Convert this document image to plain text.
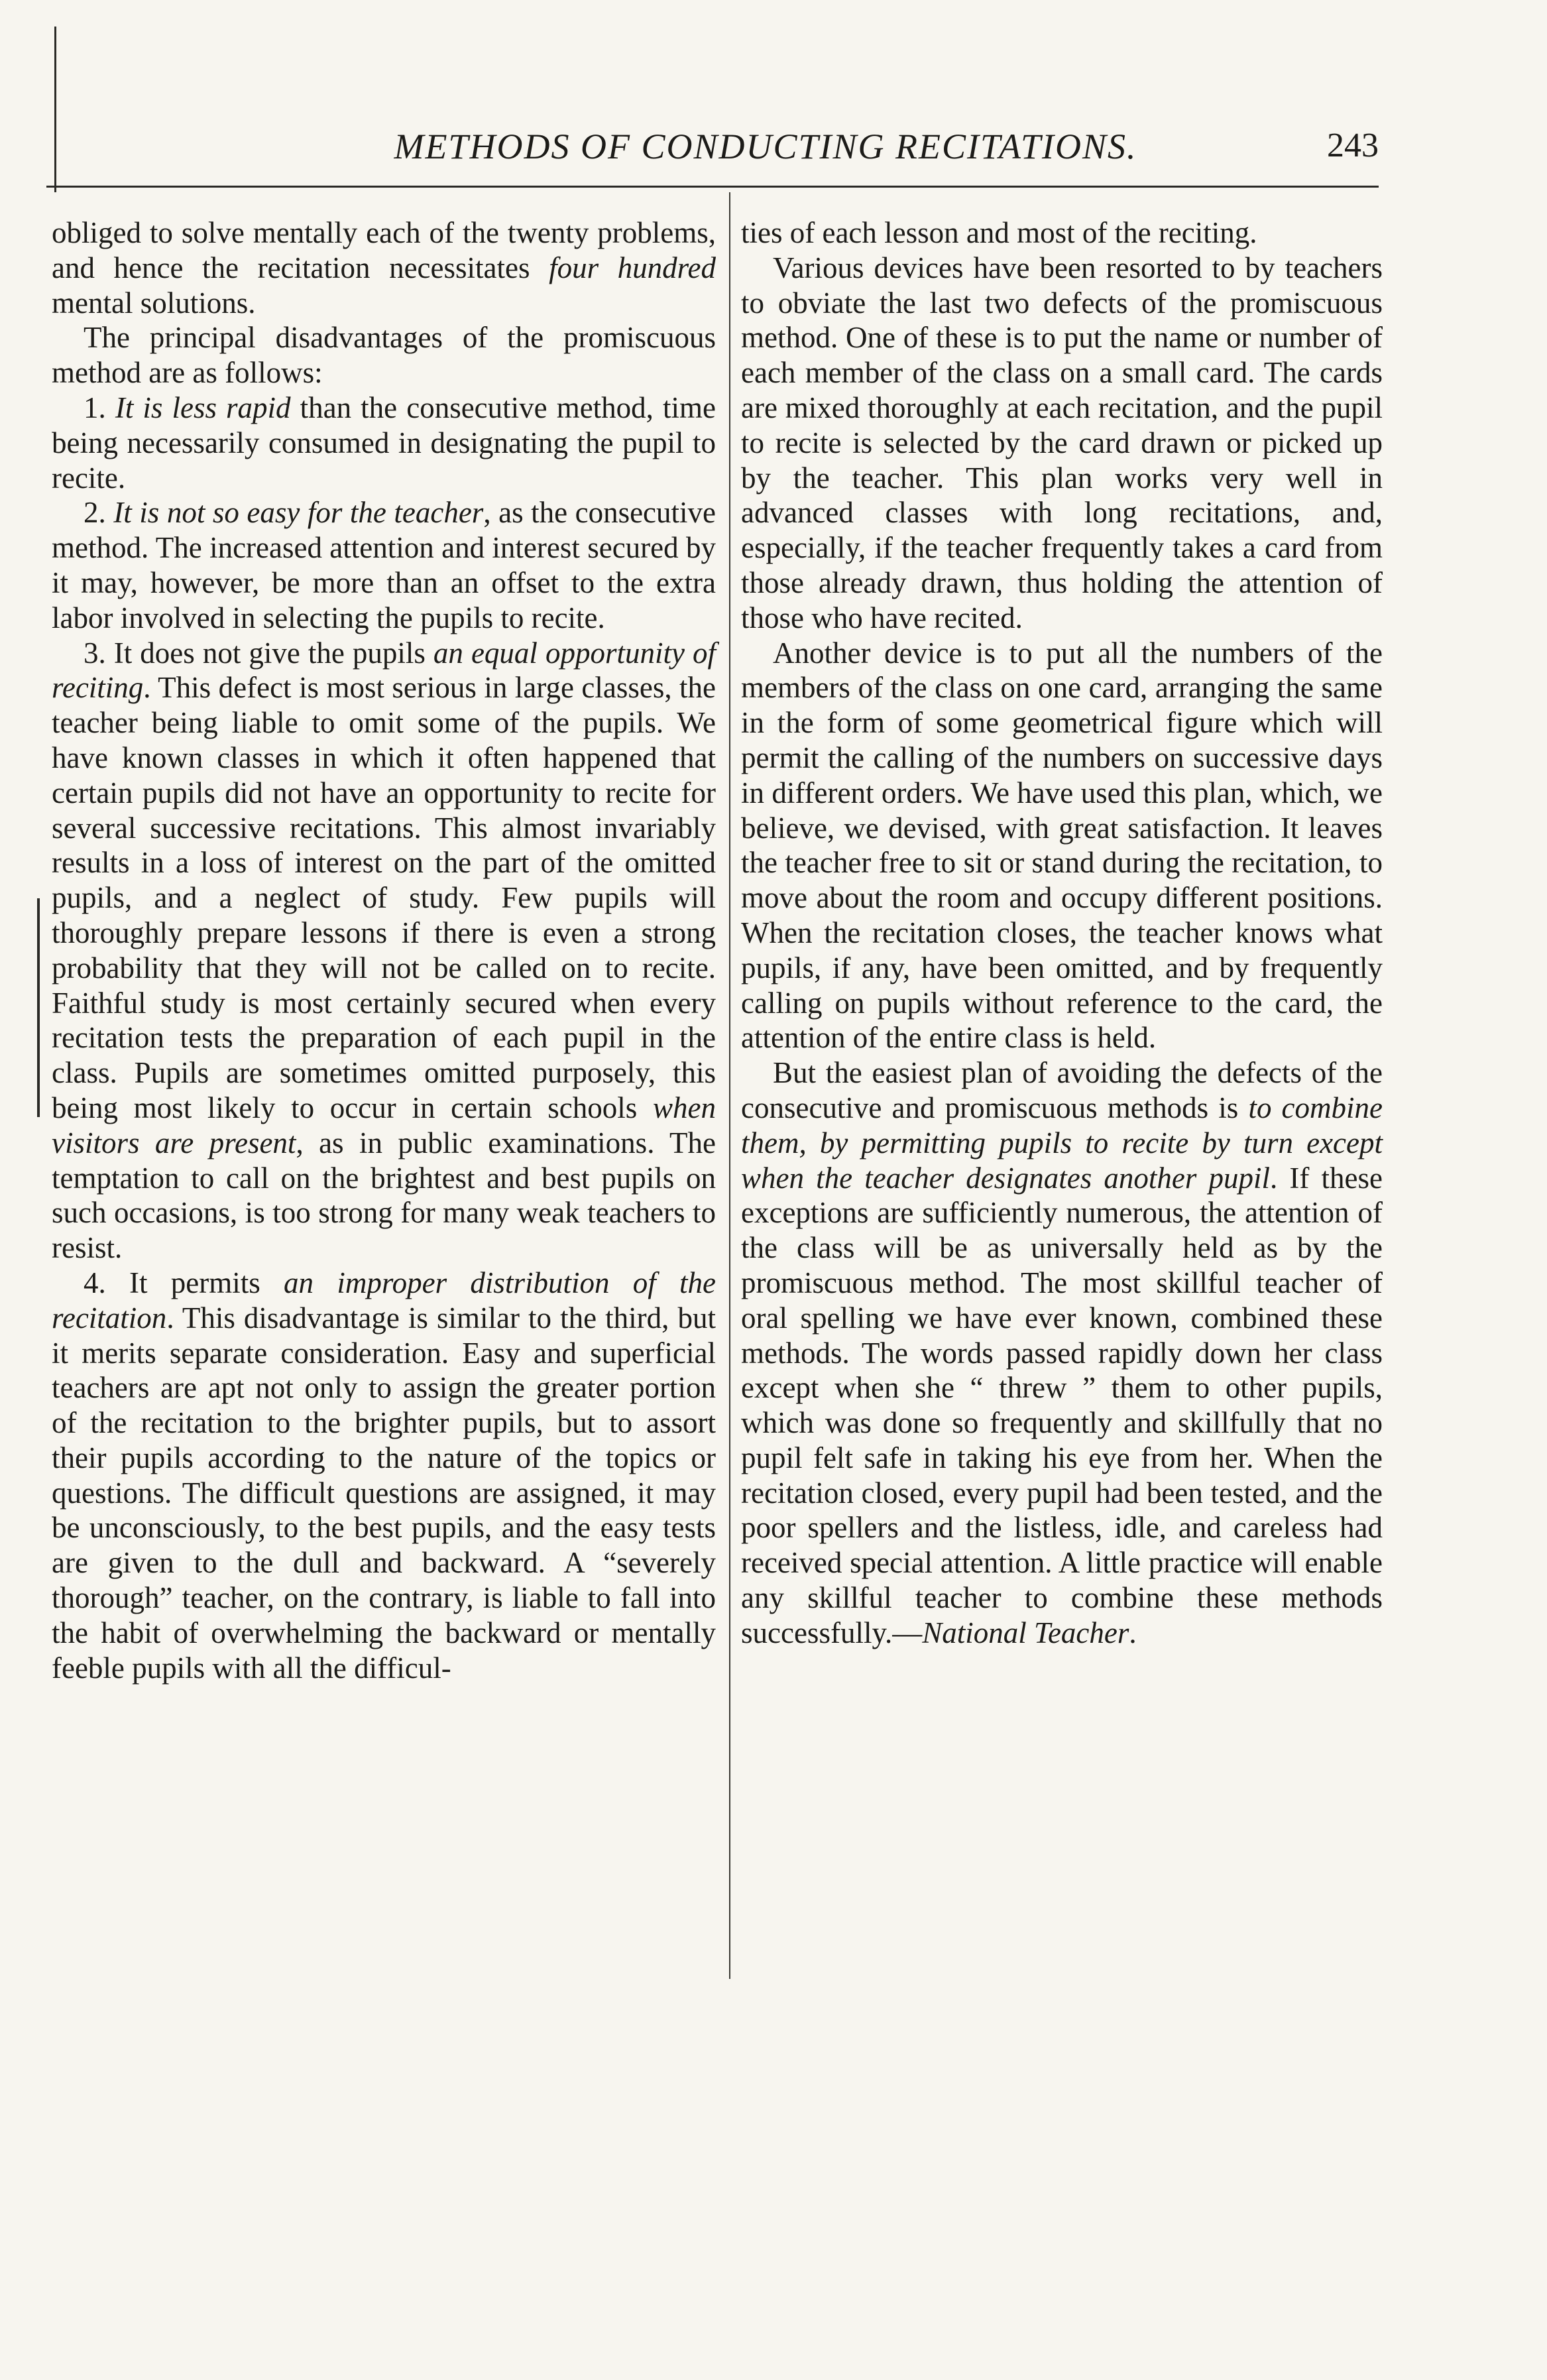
METHODS OF CONDUCTING RECITATIONS.	243

obliged to solve mentally each of the twenty problems, and hence the recitation necessitates four hundred mental solutions.

The principal disadvantages of the promiscuous method are as follows:

1. It is less rapid than the consecutive method, time being necessarily consumed in designating the pupil to recite.

2. It is not so easy for the teacher, as the consecutive method. The increased attention and interest secured by it may, however, be more than an offset to the extra labor involved in selecting the pupils to recite.

3. It does not give the pupils an equal opportunity of reciting. This defect is most serious in large classes, the teacher being liable to omit some of the pupils. We have known classes in which it often happened that certain pupils did not have an opportunity to recite for several successive recitations. This almost invariably results in a loss of interest on the part of the omitted pupils, and a neglect of study. Few pupils will thoroughly prepare lessons if there is even a strong probability that they will not be called on to recite. Faithful study is most certainly secured when every recitation tests the preparation of each pupil in the class. Pupils are sometimes omitted purposely, this being most likely to occur in certain schools when visitors are present, as in public examinations. The temptation to call on the brightest and best pupils on such occasions, is too strong for many weak teachers to resist.

4. It permits an improper distribution of the recitation. This disadvantage is similar to the third, but it merits separate consideration. Easy and superficial teachers are apt not only to assign the greater portion of the recitation to the brighter pupils, but to assort their pupils according to the nature of the topics or questions. The difficult questions are assigned, it may be unconsciously, to the best pupils, and the easy tests are given to the dull and backward. A “severely thorough” teacher, on the contrary, is liable to fall into the habit of overwhelming the backward or mentally feeble pupils with all the difficul-

ties of each lesson and most of the reciting.

Various devices have been resorted to by teachers to obviate the last two defects of the promiscuous method. One of these is to put the name or number of each member of the class on a small card. The cards are mixed thoroughly at each recitation, and the pupil to recite is selected by the card drawn or picked up by the teacher. This plan works very well in advanced classes with long recitations, and, especially, if the teacher frequently takes a card from those already drawn, thus holding the attention of those who have recited.

Another device is to put all the numbers of the members of the class on one card, arranging the same in the form of some geometrical figure which will permit the calling of the numbers on successive days in different orders. We have used this plan, which, we believe, we devised, with great satisfaction. It leaves the teacher free to sit or stand during the recitation, to move about the room and occupy different positions. When the recitation closes, the teacher knows what pupils, if any, have been omitted, and by frequently calling on pupils without reference to the card, the attention of the entire class is held.

But the easiest plan of avoiding the defects of the consecutive and promiscuous methods is to combine them, by permitting pupils to recite by turn except when the teacher designates another pupil. If these exceptions are sufficiently numerous, the attention of the class will be as universally held as by the promiscuous method. The most skillful teacher of oral spelling we have ever known, combined these methods. The words passed rapidly down her class except when she “ threw ” them to other pupils, which was done so frequently and skillfully that no pupil felt safe in taking his eye from her. When the recitation closed, every pupil had been tested, and the poor spellers and the listless, idle, and careless had received special attention. A little practice will enable any skillful teacher to combine these methods successfully.—National Teacher.
